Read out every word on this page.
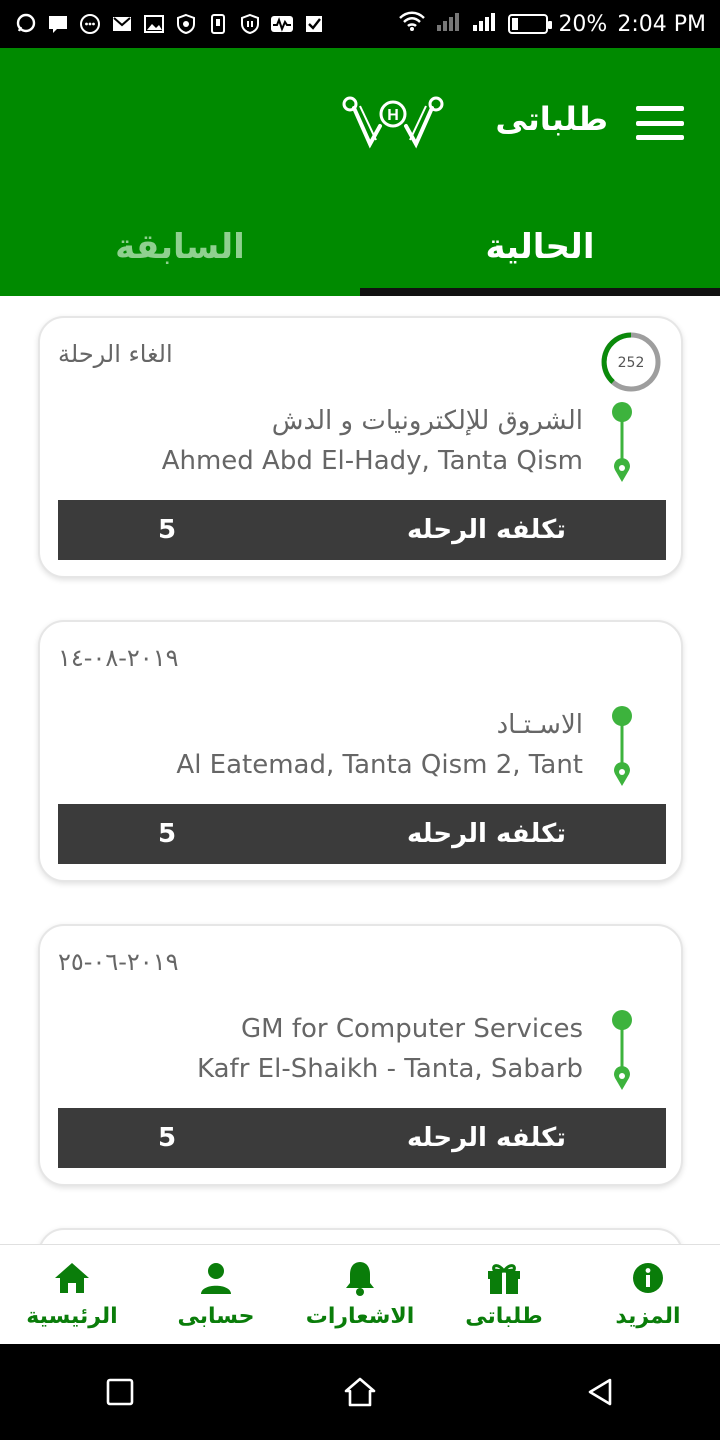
20% 2:04 PM
طلباتى
H
السابقة	الحالية
الغاء الرحلة	252
الشروق للإلكترونيات و الدش
Ahmed Abd El-Hady, Tanta Qism
5	تكلفه الرحله
٢٠١٩-٠٨-١٤
الاسـتـاد
Al Eatemad, Tanta Qism 2, Tant
5	تكلفه الرحله
٢٠١٩-٠٦-٢٥
GM for Computer Services
Kafr El-Shaikh - Tanta, Sabarb
5	تكلفه الرحله
الرئيسية	حسابى الاشعارات طلباتى	المزيد
